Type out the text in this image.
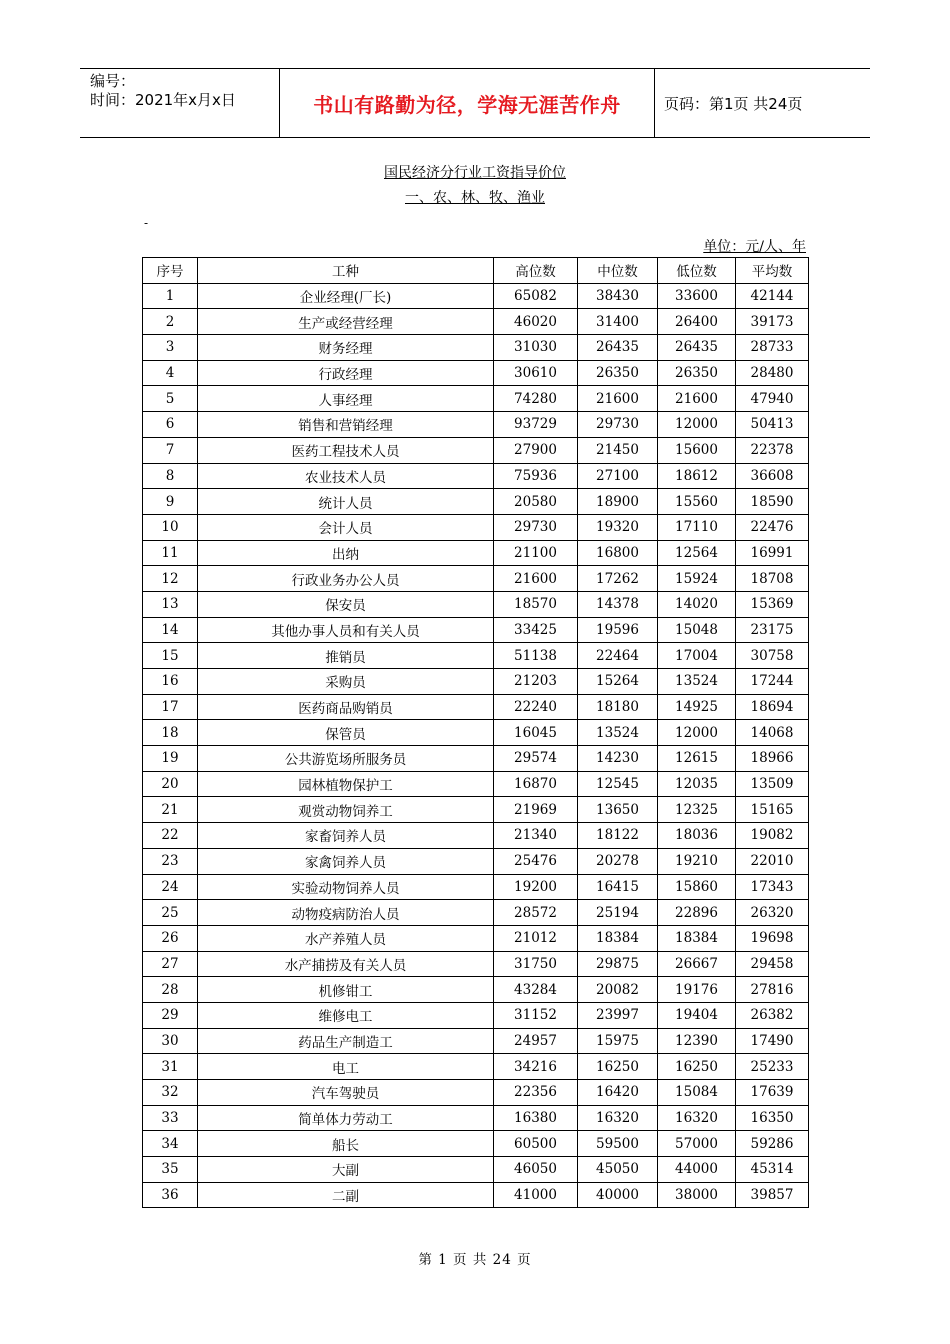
编号：
时间：2021年x月x日	书山有路勤为径，学海无涯苦作舟	页码：第1页 共24页
国民经济分行业工资指导价位
一、农、林、牧、渔业
-
单位：元/人、年
序号	工种	高位数	中位数	低位数	平均数
1	企业经理(厂长)	65082	38430	33600	42144
2	生产或经营经理	46020	31400	26400	39173
3	财务经理	31030	26435	26435	28733
4	行政经理	30610	26350	26350	28480
5	人事经理	74280	21600	21600	47940
6	销售和营销经理	93729	29730	12000	50413
7	医药工程技术人员	27900	21450	15600	22378
8	农业技术人员	75936	27100	18612	36608
9	统计人员	20580	18900	15560	18590
10	会计人员	29730	19320	17110	22476
11	出纳	21100	16800	12564	16991
12	行政业务办公人员	21600	17262	15924	18708
13	保安员	18570	14378	14020	15369
14	其他办事人员和有关人员	33425	19596	15048	23175
15	推销员	51138	22464	17004	30758
16	采购员	21203	15264	13524	17244
17	医药商品购销员	22240	18180	14925	18694
18	保管员	16045	13524	12000	14068
19	公共游览场所服务员	29574	14230	12615	18966
20	园林植物保护工	16870	12545	12035	13509
21	观赏动物饲养工	21969	13650	12325	15165
22	家畜饲养人员	21340	18122	18036	19082
23	家禽饲养人员	25476	20278	19210	22010
24	实验动物饲养人员	19200	16415	15860	17343
25	动物疫病防治人员	28572	25194	22896	26320
26	水产养殖人员	21012	18384	18384	19698
27	水产捕捞及有关人员	31750	29875	26667	29458
28	机修钳工	43284	20082	19176	27816
29	维修电工	31152	23997	19404	26382
30	药品生产制造工	24957	15975	12390	17490
31	电工	34216	16250	16250	25233
32	汽车驾驶员	22356	16420	15084	17639
33	简单体力劳动工	16380	16320	16320	16350
34	船长	60500	59500	57000	59286
35	大副	46050	45050	44000	45314
36	二副	41000	40000	38000	39857
第 1 页 共 24 页
